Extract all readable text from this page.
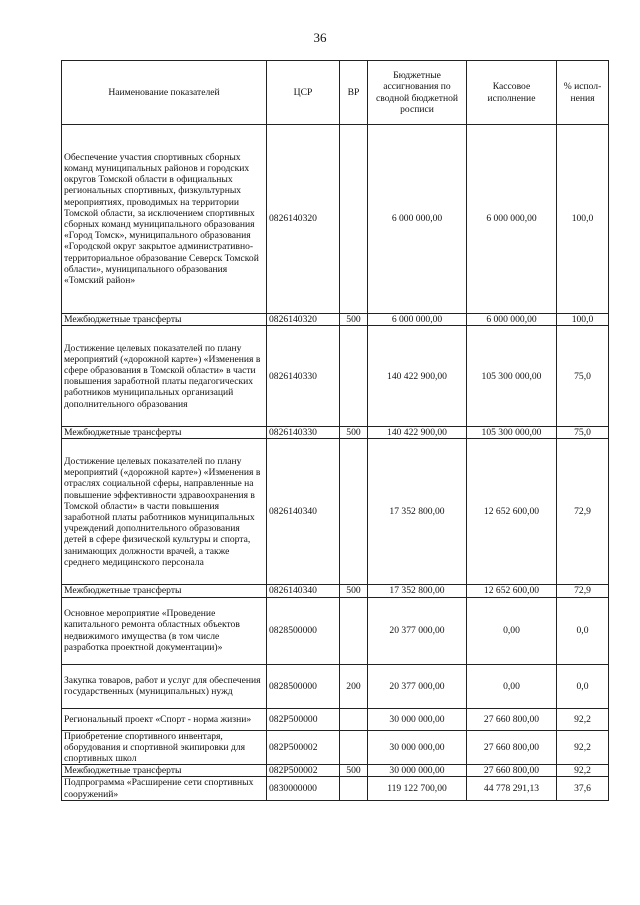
36
Наименование показателей	ЦСР	ВР	Бюджетные ассигнования по сводной бюджетной росписи	Кассовое исполнение	% испол-нения
Обеспечение участия спортивных сборных команд муниципальных районов и городских округов Томской области в официальных региональных спортивных, физкультурных мероприятиях, проводимых на территории Томской области, за исключением спортивных сборных команд муниципального образования «Город Томск», муниципального образования «Городской округ закрытое административно-территориальное образование Северск Томской области», муниципального образования «Томский район»	0826140320		6 000 000,00	6 000 000,00	100,0
Межбюджетные трансферты	0826140320	500	6 000 000,00	6 000 000,00	100,0
Достижение целевых показателей по плану мероприятий («дорожной карте») «Изменения в сфере образования в Томской области» в части повышения заработной платы педагогических работников муниципальных организаций дополнительного образования	0826140330		140 422 900,00	105 300 000,00	75,0
Межбюджетные трансферты	0826140330	500	140 422 900,00	105 300 000,00	75,0
Достижение целевых показателей по плану мероприятий («дорожной карте») «Изменения в отраслях социальной сферы, направленные на повышение эффективности здравоохранения в Томской области» в части повышения заработной платы работников муниципальных учреждений дополнительного образования детей в сфере физической культуры и спорта, занимающих должности врачей, а также среднего медицинского персонала	0826140340		17 352 800,00	12 652 600,00	72,9
Межбюджетные трансферты	0826140340	500	17 352 800,00	12 652 600,00	72,9
Основное мероприятие «Проведение капитального ремонта областных объектов недвижимого имущества (в том числе разработка проектной документации)»	0828500000		20 377 000,00	0,00	0,0
Закупка товаров, работ и услуг для обеспечения государственных (муниципальных) нужд	0828500000	200	20 377 000,00	0,00	0,0
Региональный проект «Спорт - норма жизни»	082P500000		30 000 000,00	27 660 800,00	92,2
Приобретение спортивного инвентаря, оборудования и спортивной экипировки для спортивных школ	082P500002		30 000 000,00	27 660 800,00	92,2
Межбюджетные трансферты	082P500002	500	30 000 000,00	27 660 800,00	92,2
Подпрограмма «Расширение сети спортивных сооружений»	0830000000		119 122 700,00	44 778 291,13	37,6
